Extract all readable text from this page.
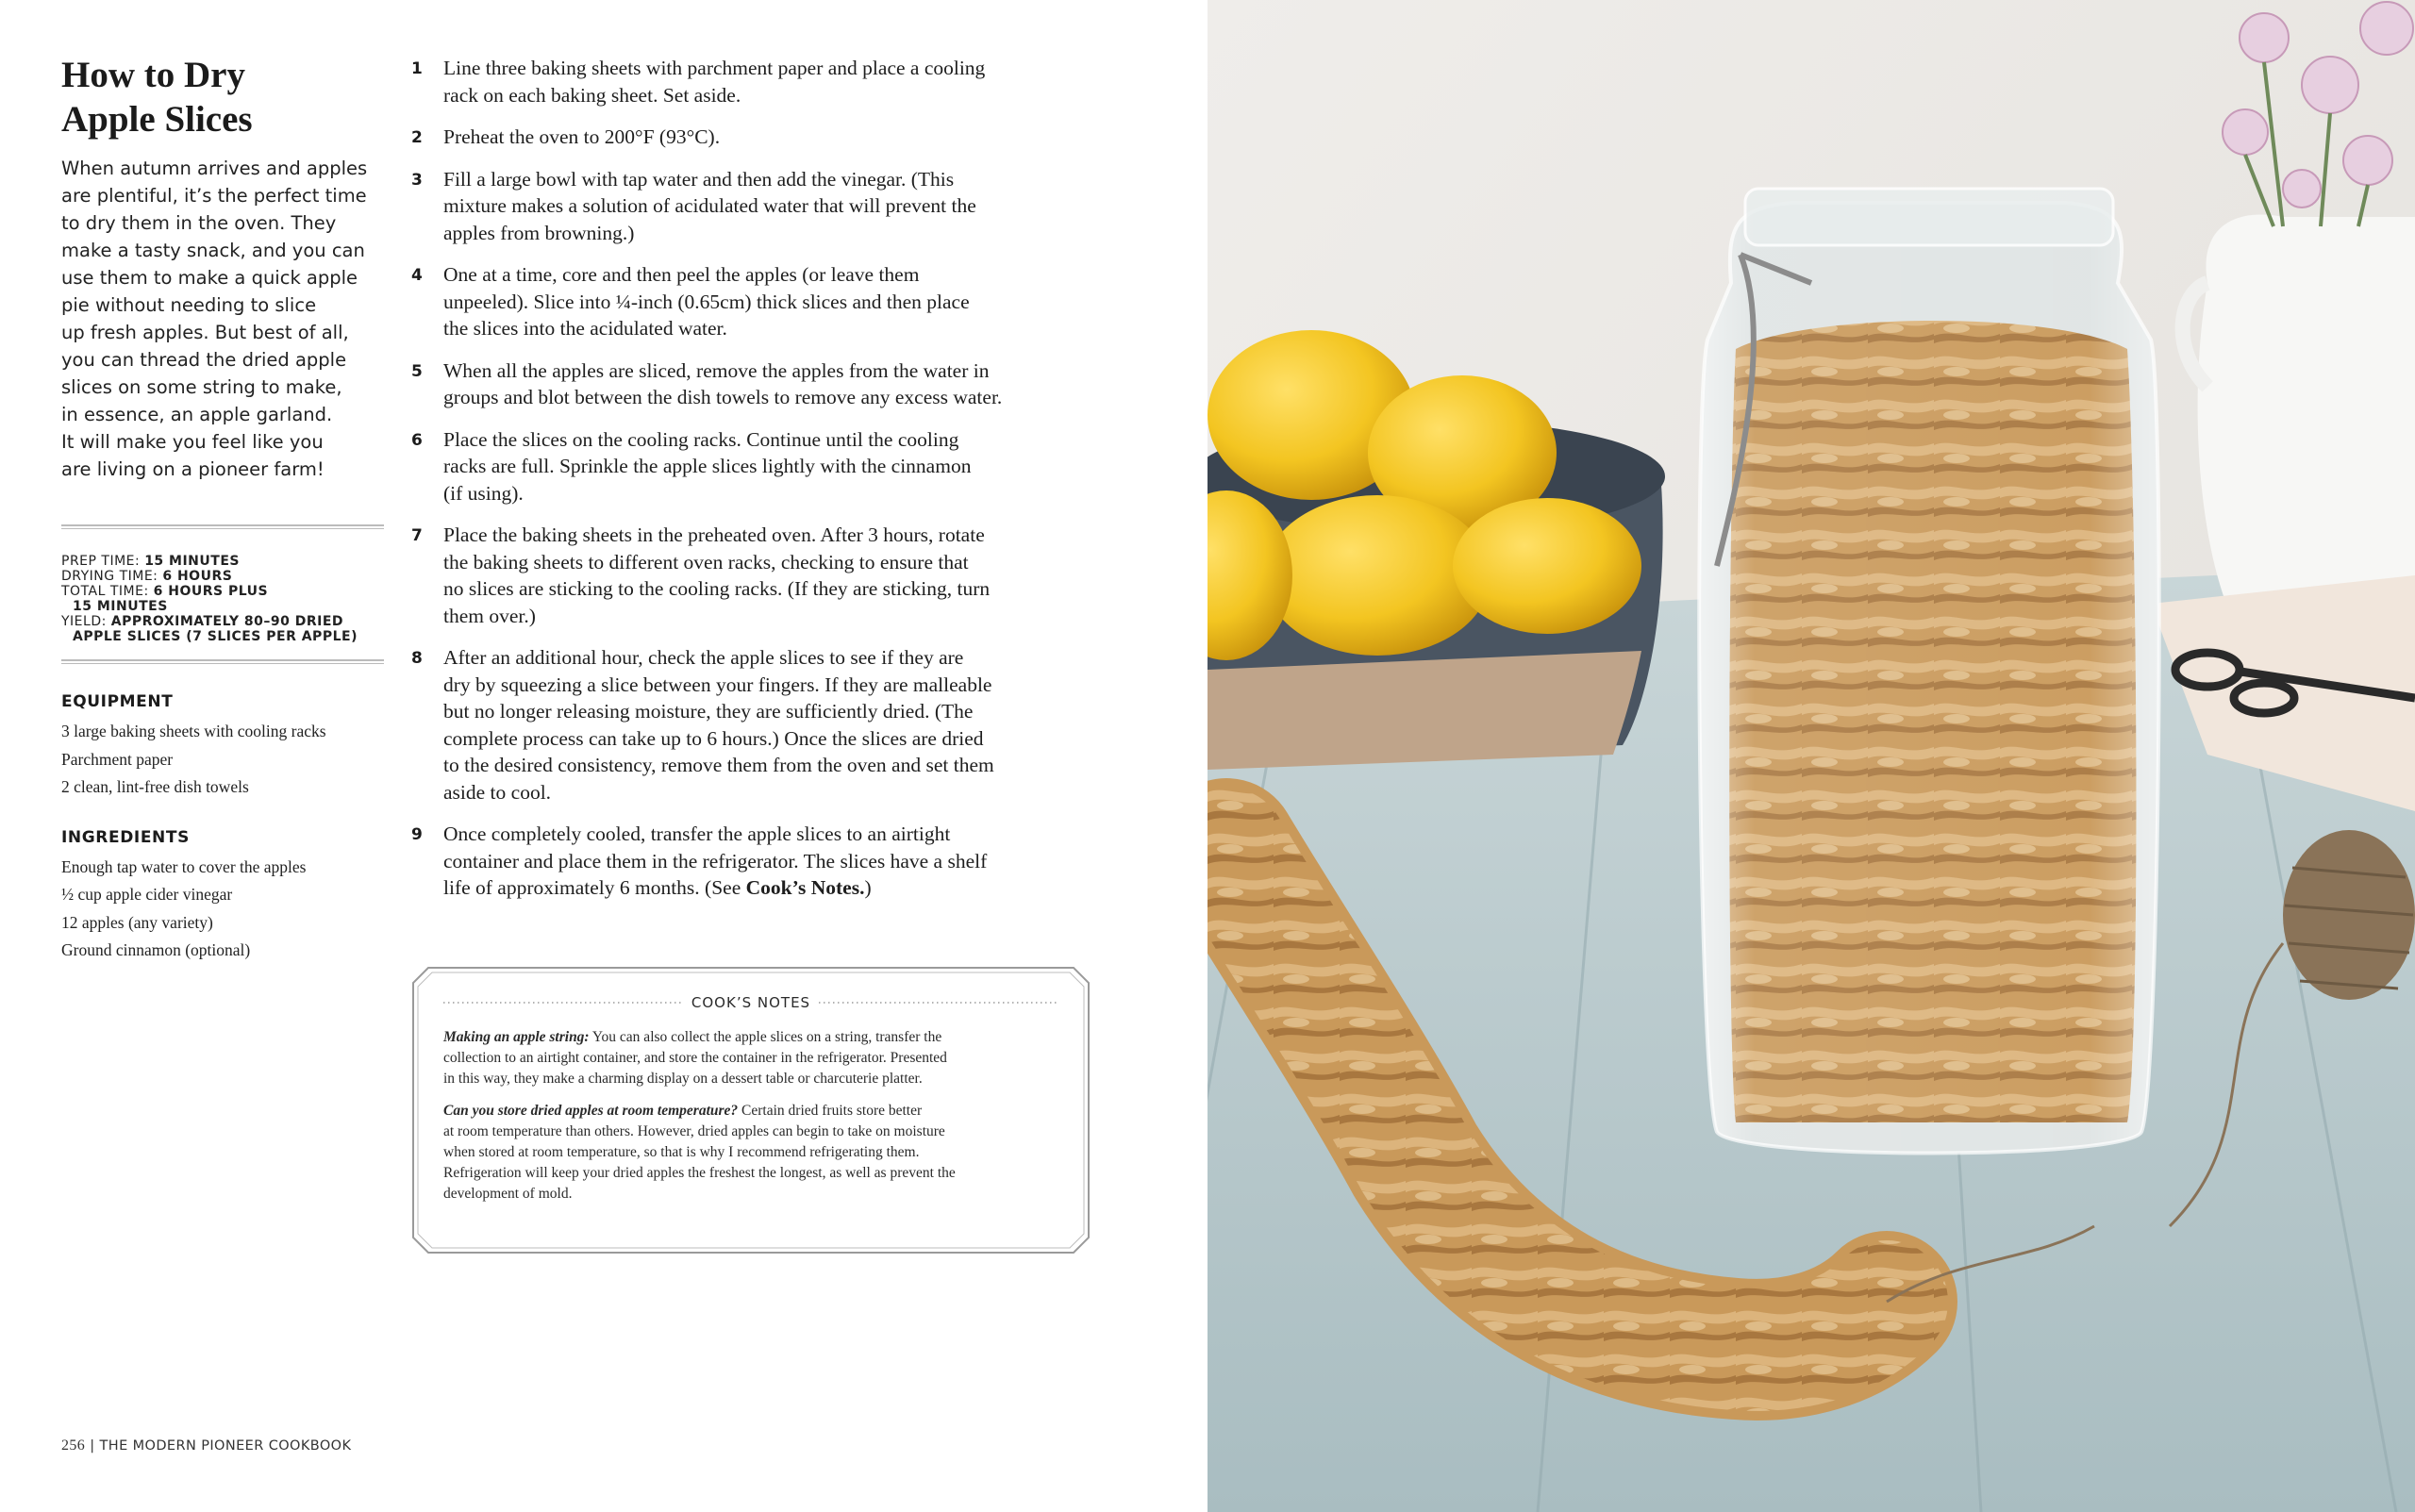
How to Dry
Apple Slices
When autumn arrives and apples
are plentiful, it’s the perfect time
to dry them in the oven. They
make a tasty snack, and you can
use them to make a quick apple
pie without needing to slice
up fresh apples. But best of all,
you can thread the dried apple
slices on some string to make,
in essence, an apple garland.
It will make you feel like you
are living on a pioneer farm!
PREP TIME: 15 MINUTES
DRYING TIME: 6 HOURS
TOTAL TIME: 6 HOURS PLUS
15 MINUTES
YIELD: APPROXIMATELY 80–90 DRIED
APPLE SLICES (7 SLICES PER APPLE)
EQUIPMENT
3 large baking sheets with cooling racks
Parchment paper
2 clean, lint-free dish towels
INGREDIENTS
Enough tap water to cover the apples
½ cup apple cider vinegar
12 apples (any variety)
Ground cinnamon (optional)
1 Line three baking sheets with parchment paper and place a cooling
rack on each baking sheet. Set aside.
2 Preheat the oven to 200°F (93°C).
3 Fill a large bowl with tap water and then add the vinegar. (This
mixture makes a solution of acidulated water that will prevent the
apples from browning.)
4 One at a time, core and then peel the apples (or leave them
unpeeled). Slice into ¼-inch (0.65cm) thick slices and then place
the slices into the acidulated water.
5 When all the apples are sliced, remove the apples from the water in
groups and blot between the dish towels to remove any excess water.
6 Place the slices on the cooling racks. Continue until the cooling
racks are full. Sprinkle the apple slices lightly with the cinnamon
(if using).
7 Place the baking sheets in the preheated oven. After 3 hours, rotate
the baking sheets to different oven racks, checking to ensure that
no slices are sticking to the cooling racks. (If they are sticking, turn
them over.)
8 After an additional hour, check the apple slices to see if they are
dry by squeezing a slice between your fingers. If they are malleable
but no longer releasing moisture, they are sufficiently dried. (The
complete process can take up to 6 hours.) Once the slices are dried
to the desired consistency, remove them from the oven and set them
aside to cool.
9 Once completely cooled, transfer the apple slices to an airtight
container and place them in the refrigerator. The slices have a shelf
life of approximately 6 months. (See Cook’s Notes.)
COOK’S NOTES

Making an apple string: You can also collect the apple slices on a string, transfer the
collection to an airtight container, and store the container in the refrigerator. Presented
in this way, they make a charming display on a dessert table or charcuterie platter.

Can you store dried apples at room temperature? Certain dried fruits store better
at room temperature than others. However, dried apples can begin to take on moisture
when stored at room temperature, so that is why I recommend refrigerating them.
Refrigeration will keep your dried apples the freshest the longest, as well as prevent the
development of mold.

256 | THE MODERN PIONEER COOKBOOK
